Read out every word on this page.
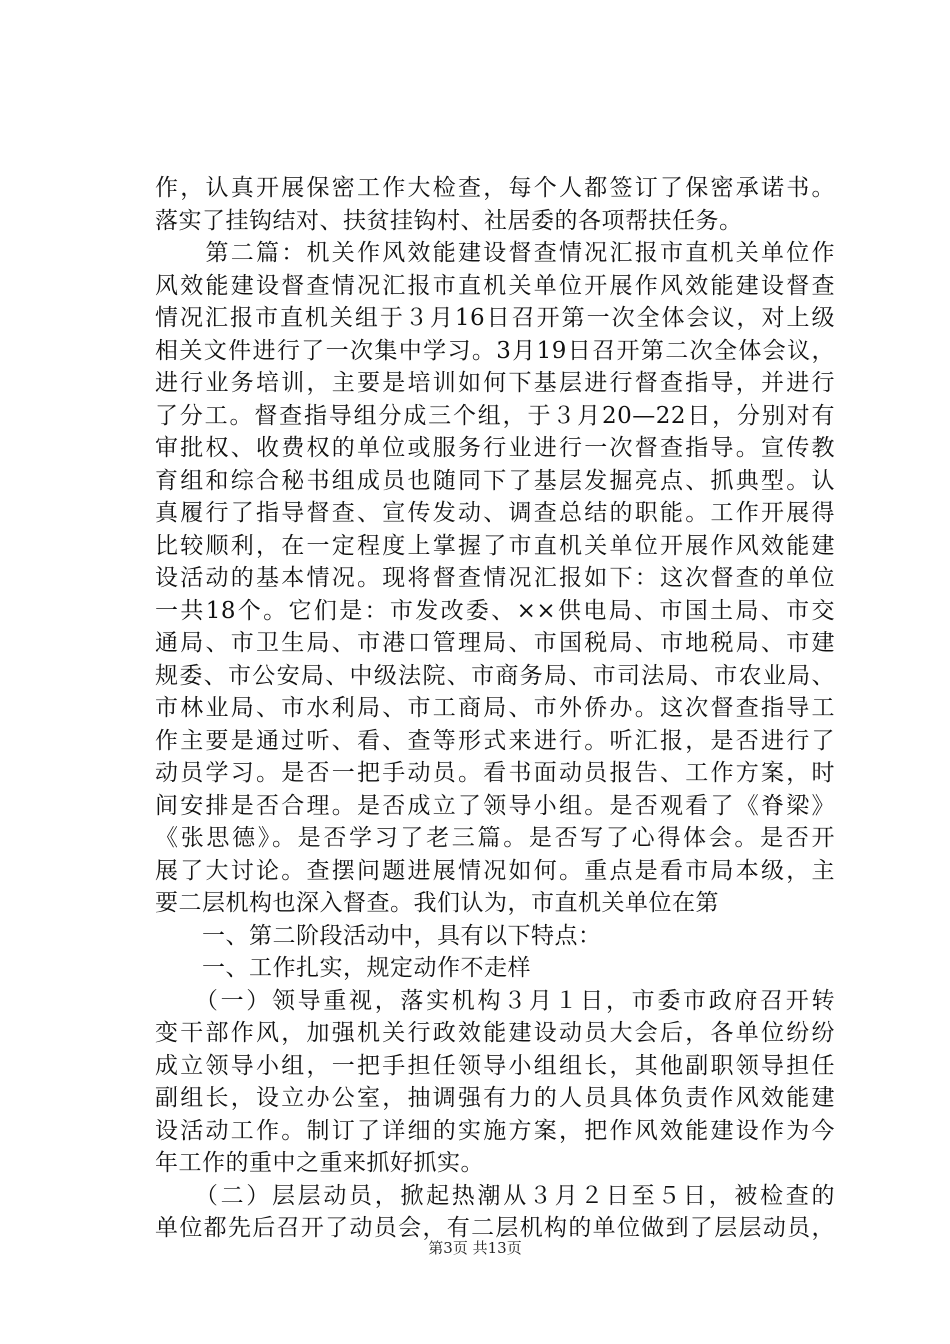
作，认真开展保密工作大检查，每个人都签订了保密承诺书。
落实了挂钩结对、扶贫挂钩村、社居委的各项帮扶任务。
　　第二篇：机关作风效能建设督查情况汇报市直机关单位作
风效能建设督查情况汇报市直机关单位开展作风效能建设督查
情况汇报市直机关组于３月16日召开第一次全体会议，对上级
相关文件进行了一次集中学习。3月19日召开第二次全体会议，
进行业务培训，主要是培训如何下基层进行督查指导，并进行
了分工。督查指导组分成三个组，于３月20—22日，分别对有
审批权、收费权的单位或服务行业进行一次督查指导。宣传教
育组和综合秘书组成员也随同下了基层发掘亮点、抓典型。认
真履行了指导督查、宣传发动、调查总结的职能。工作开展得
比较顺利，在一定程度上掌握了市直机关单位开展作风效能建
设活动的基本情况。现将督查情况汇报如下：这次督查的单位
一共18个。它们是：市发改委、××供电局、市国土局、市交
通局、市卫生局、市港口管理局、市国税局、市地税局、市建
规委、市公安局、中级法院、市商务局、市司法局、市农业局、
市林业局、市水利局、市工商局、市外侨办。这次督查指导工
作主要是通过听、看、查等形式来进行。听汇报，是否进行了
动员学习。是否一把手动员。看书面动员报告、工作方案，时
间安排是否合理。是否成立了领导小组。是否观看了《脊梁》
《张思德》。是否学习了老三篇。是否写了心得体会。是否开
展了大讨论。查摆问题进展情况如何。重点是看市局本级，主
要二层机构也深入督查。我们认为，市直机关单位在第
　　一、第二阶段活动中，具有以下特点：
　　一、工作扎实，规定动作不走样
　　（一）领导重视，落实机构３月１日，市委市政府召开转
变干部作风，加强机关行政效能建设动员大会后，各单位纷纷
成立领导小组，一把手担任领导小组组长，其他副职领导担任
副组长，设立办公室，抽调强有力的人员具体负责作风效能建
设活动工作。制订了详细的实施方案，把作风效能建设作为今
年工作的重中之重来抓好抓实。
　　（二）层层动员，掀起热潮从３月２日至５日，被检查的
单位都先后召开了动员会，有二层机构的单位做到了层层动员，
第3页 共13页
